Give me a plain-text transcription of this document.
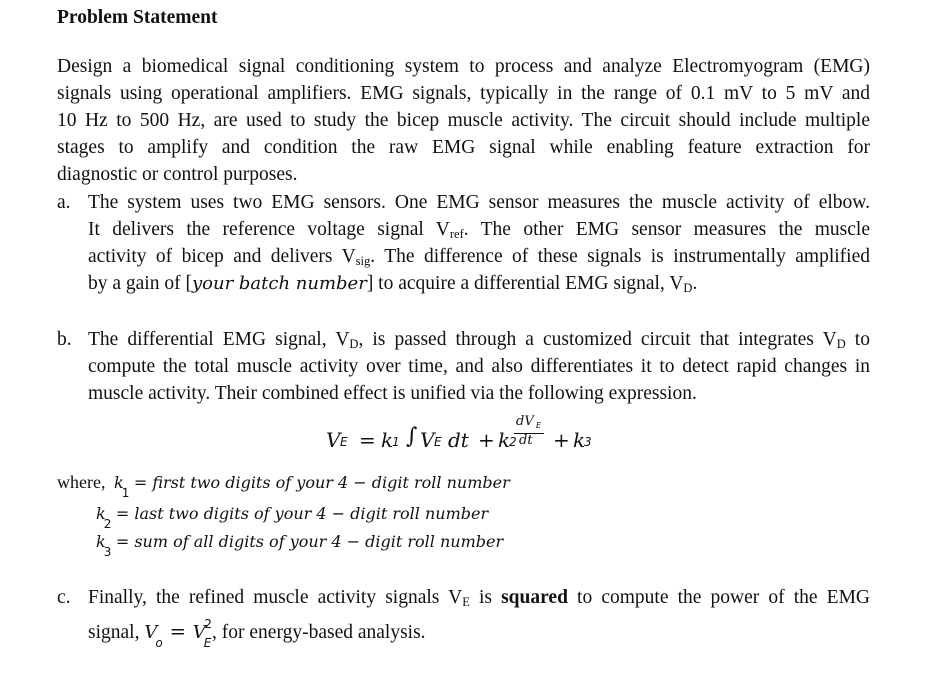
Problem Statement
Design a biomedical signal conditioning system to process and analyze Electromyogram (EMG)
signals using operational amplifiers. EMG signals, typically in the range of 0.1 mV to 5 mV and
10 Hz to 500 Hz, are used to study the bicep muscle activity. The circuit should include multiple
stages to amplify and condition the raw EMG signal while enabling feature extraction for
diagnostic or control purposes.
a. The system uses two EMG sensors. One EMG sensor measures the muscle activity of elbow.
It delivers the reference voltage signal $V_{ref}$. The other EMG sensor measures the muscle
activity of bicep and delivers $V_{sig}$. The difference of these signals is instrumentally amplified
by a gain of [your batch number] to acquire a differential EMG signal, $V_D$.
b. The differential EMG signal, $V_D$, is passed through a customized circuit that integrates $V_D$ to
compute the total muscle activity over time, and also differentiates it to detect rapid changes in
muscle activity. Their combined effect is unified via the following expression.
V E = k
1 ∫ V E dt + k
2
dV E
dt + k
3
where, $k_1$ = first two digits of your 4 − digit roll number
$k_2$ = last two digits of your 4 − digit roll number
$k_3$ = sum of all digits of your 4 − digit roll number
c. Finally, the refined muscle activity signals $V_E$ is squared to compute the power of the EMG
signal, $V_o = V_E^2$, for energy-based analysis.
